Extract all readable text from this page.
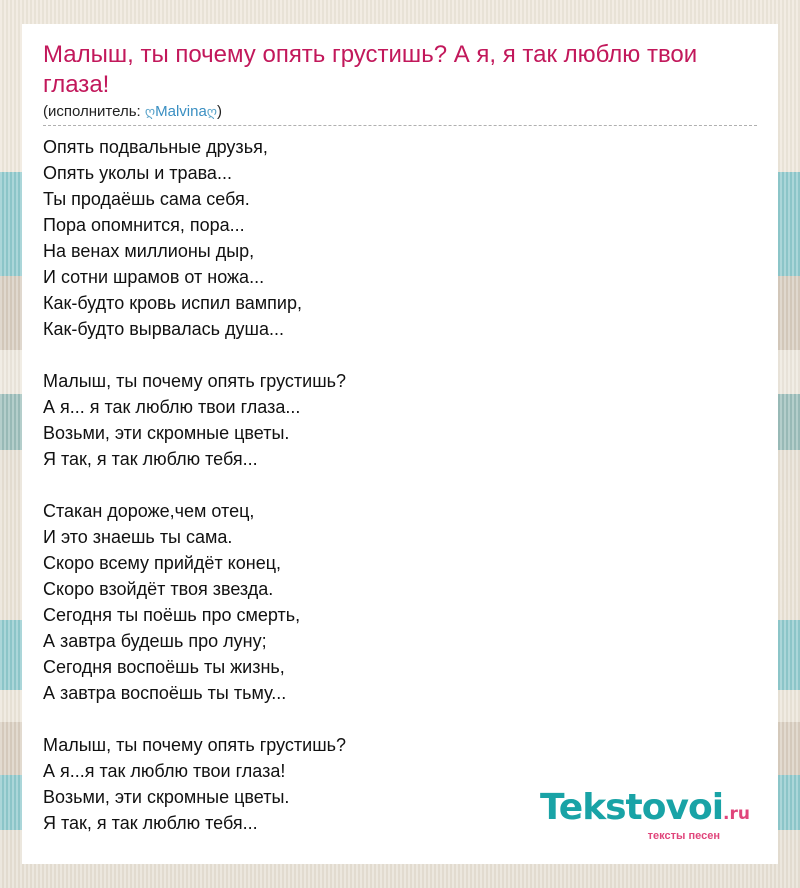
Малыш, ты почему опять грустишь? А я, я так люблю твои глаза!
(исполнитель: ღMalvinaღ)
Опять подвальные друзья,
Опять уколы и трава...
Ты продаёшь сама себя.
Пора опомнится, пора...
На венах миллионы дыр,
И сотни шрамов от ножа...
Как-будто кровь испил вампир,
Как-будто вырвалась душа...
Малыш, ты почему опять грустишь?
А я... я так люблю твои глаза...
Возьми, эти скромные цветы.
Я так, я так люблю тебя...
Стакан дороже,чем отец,
И это знаешь ты сама.
Скоро всему прийдёт конец,
Скоро взойдёт твоя звезда.
Сегодня ты поёшь про смерть,
А завтра будешь про луну;
Сегодня воспоёшь ты жизнь,
А завтра воспоёшь ты тьму...
Малыш, ты почему опять грустишь?
А я...я так люблю твои глаза!
Возьми, эти скромные цветы.
Я так, я так люблю тебя...	Tekstovoi.ru
тексты песен
